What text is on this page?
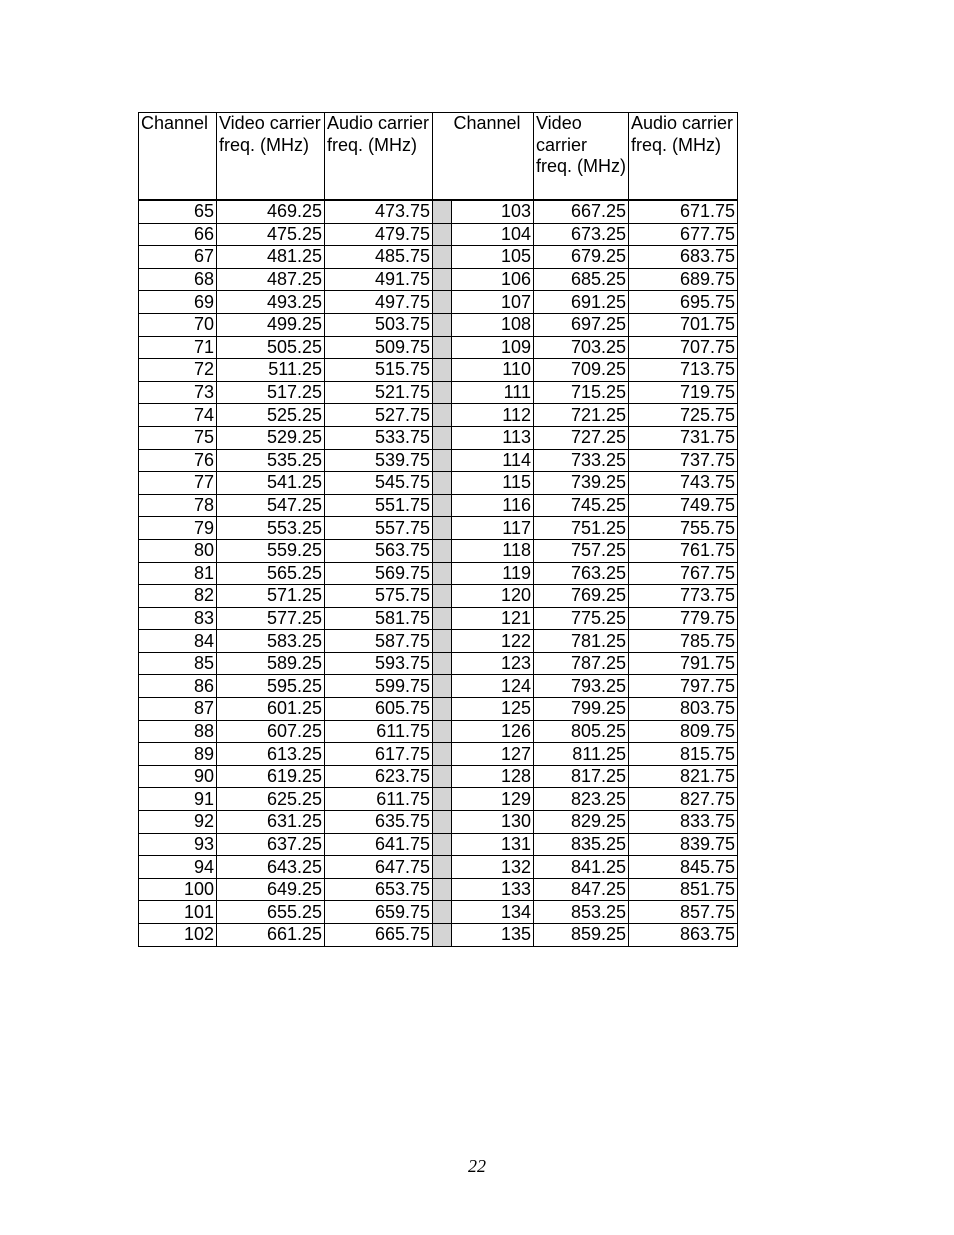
Channel	Video carrier freq. (MHz)	Audio carrier freq. (MHz)		Channel	Video carrier freq. (MHz)	Audio carrier freq. (MHz)
65	469.25	473.75		103	667.25	671.75
66	475.25	479.75		104	673.25	677.75
67	481.25	485.75		105	679.25	683.75
68	487.25	491.75		106	685.25	689.75
69	493.25	497.75		107	691.25	695.75
70	499.25	503.75		108	697.25	701.75
71	505.25	509.75		109	703.25	707.75
72	511.25	515.75		110	709.25	713.75
73	517.25	521.75		111	715.25	719.75
74	525.25	527.75		112	721.25	725.75
75	529.25	533.75		113	727.25	731.75
76	535.25	539.75		114	733.25	737.75
77	541.25	545.75		115	739.25	743.75
78	547.25	551.75		116	745.25	749.75
79	553.25	557.75		117	751.25	755.75
80	559.25	563.75		118	757.25	761.75
81	565.25	569.75		119	763.25	767.75
82	571.25	575.75		120	769.25	773.75
83	577.25	581.75		121	775.25	779.75
84	583.25	587.75		122	781.25	785.75
85	589.25	593.75		123	787.25	791.75
86	595.25	599.75		124	793.25	797.75
87	601.25	605.75		125	799.25	803.75
88	607.25	611.75		126	805.25	809.75
89	613.25	617.75		127	811.25	815.75
90	619.25	623.75		128	817.25	821.75
91	625.25	611.75		129	823.25	827.75
92	631.25	635.75		130	829.25	833.75
93	637.25	641.75		131	835.25	839.75
94	643.25	647.75		132	841.25	845.75
100	649.25	653.75		133	847.25	851.75
101	655.25	659.75		134	853.25	857.75
102	661.25	665.75		135	859.25	863.75
22
